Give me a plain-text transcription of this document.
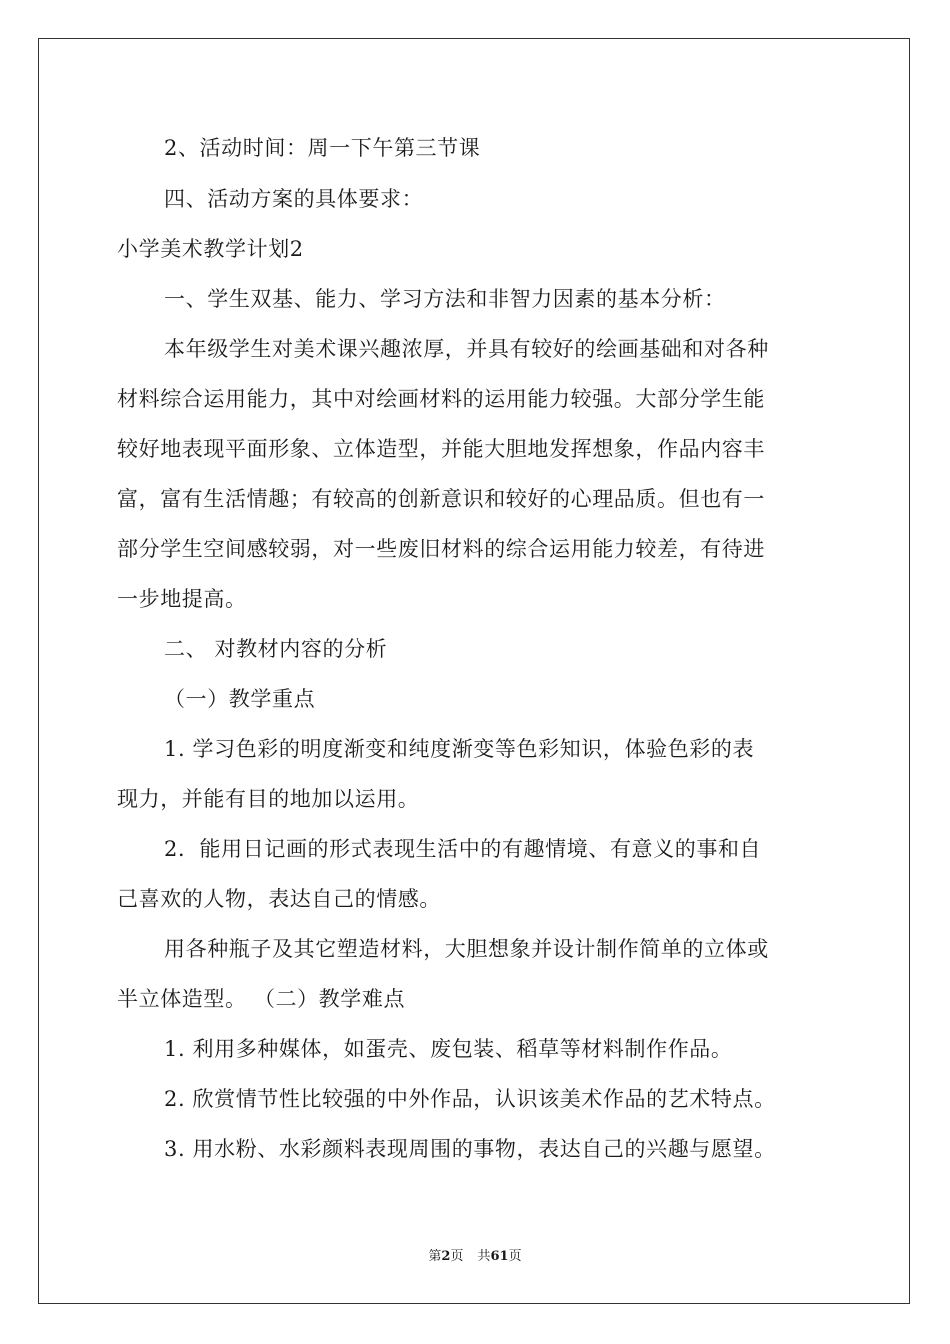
2、活动时间：周一下午第三节课
四、活动方案的具体要求：
小学美术教学计划2
一、学生双基、能力、学习方法和非智力因素的基本分析：
本年级学生对美术课兴趣浓厚，并具有较好的绘画基础和对各种
材料综合运用能力，其中对绘画材料的运用能力较强。大部分学生能
较好地表现平面形象、立体造型，并能大胆地发挥想象，作品内容丰
富，富有生活情趣；有较高的创新意识和较好的心理品质。但也有一
部分学生空间感较弱，对一些废旧材料的综合运用能力较差，有待进
一步地提高。
二、 对教材内容的分析
（一）教学重点
1. 学习色彩的明度渐变和纯度渐变等色彩知识，体验色彩的表
现力，并能有目的地加以运用。
2．能用日记画的形式表现生活中的有趣情境、有意义的事和自
己喜欢的人物，表达自己的情感。
用各种瓶子及其它塑造材料，大胆想象并设计制作简单的立体或
半立体造型。 （二）教学难点
1. 利用多种媒体，如蛋壳、废包装、稻草等材料制作作品。
2. 欣赏情节性比较强的中外作品，认识该美术作品的艺术特点。
3. 用水粉、水彩颜料表现周围的事物，表达自己的兴趣与愿望。
第2页 共61页
